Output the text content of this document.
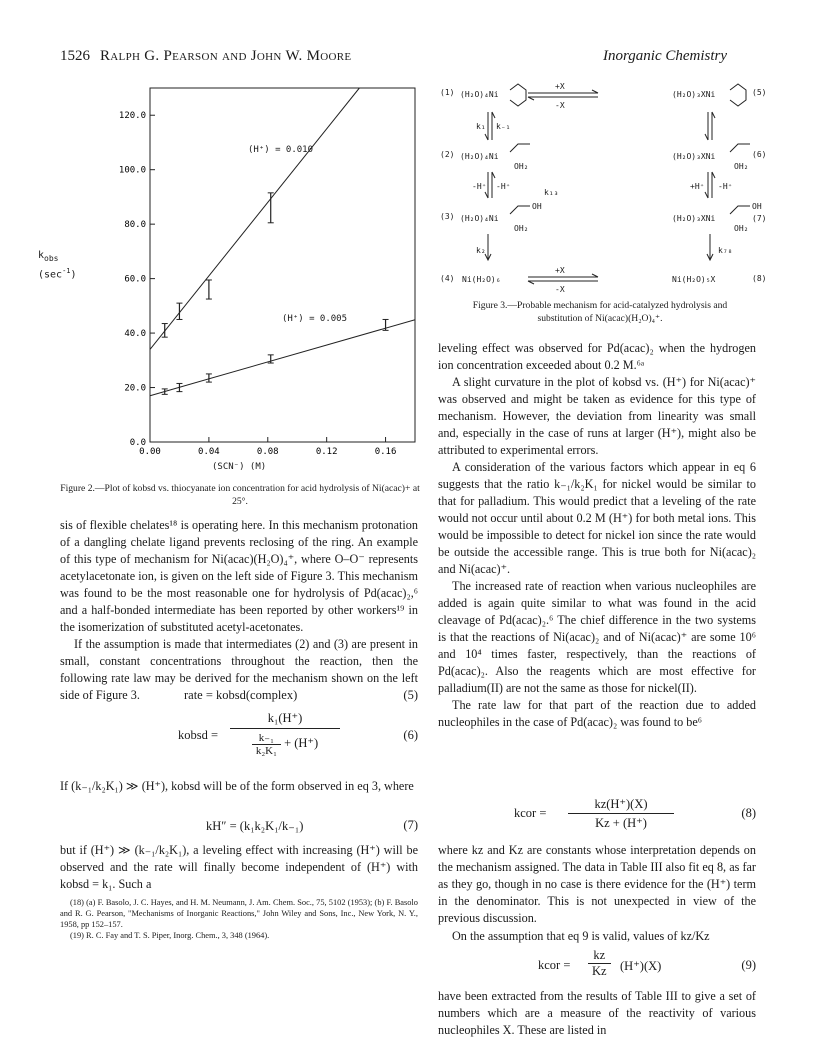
1526 Ralph G. Pearson and John W. Moore	Inorganic Chemistry
0.0
20.0
40.0
60.0
80.0
100.0
120.0
0.00	0.04	0.08	0.12	0.16
$k_{obs}$
$(\sec^{-1})$
(H⁺) = 0.010
(H⁺) = 0.005
(SCN⁻) (M)
Figure 2.—Plot of kobsd vs. thiocyanate ion concentration for acid hydrolysis of Ni(acac)+ at 25°.
(1) (H₂O)₄Ni
+X
-X
(H₂O)₃XNi	(5)
k₁ k₋₁
(2) (H₂O)₄Ni
OH₂
(H₂O)₃XNi
OH₂
(6)
-H⁺ -H⁺
k₁₃
+H⁺ -H⁺
(3) (H₂O)₄Ni
OH
OH₂
(H₂O)₃XNi
OH
OH₂
(7)
k₂	k₇₈
(4) Ni(H₂O)₆
+X
-X
Ni(H₂O)₅X	(8)
Figure 3.—Probable mechanism for acid-catalyzed hydrolysis and
substitution of Ni(acac)(H₂O)₄⁺.

sis of flexible chelates¹⁸ is operating here. In this mechanism protonation of a dangling chelate ligand prevents reclosing of the ring. An example of this type of mechanism for Ni(acac)(H₂O)₄⁺, where O–O⁻ represents acetylacetonate ion, is given on the left side of Figure 3. This mechanism was found to be the most reasonable one for hydrolysis of Pd(acac)₂,⁶ and a half-bonded intermediate has been reported by other workers¹⁹ in the isomerization of substituted acetyl-acetonates.

If the assumption is made that intermediates (2) and (3) are present in small, constant concentrations throughout the reaction, then the following rate law may be derived for the mechanism shown on the left side of Figure 3.	rate = kobsd(complex)	(5)
kobsd = $\frac{\text{k₁(H⁺)}}{\frac{\text{k₋₁}}{\text{k₂K₁}} + (H^+)}$	(6)
If (k₋₁/k₂K₁) ≫ (H⁺), kobsd will be of the form observed in eq 3, where
kH″ = (k₁k₂K₁/k₋₁)	(7)
but if (H⁺) ≫ (k₋₁/k₂K₁), a leveling effect with increasing (H⁺) will be observed and the rate will finally become independent of (H⁺) with kobsd = k₁. Such a
(18) (a) F. Basolo, J. C. Hayes, and H. M. Neumann, J. Am. Chem. Soc., 75, 5102 (1953); (b) F. Basolo and R. G. Pearson, "Mechanisms of Inorganic Reactions," John Wiley and Sons, Inc., New York, N. Y., 1958, pp 152–157.
(19) R. C. Fay and T. S. Piper, Inorg. Chem., 3, 348 (1964).

leveling effect was observed for Pd(acac)₂ when the hydrogen ion concentration exceeded about 0.2 M.⁶ᵃ

A slight curvature in the plot of kobsd vs. (H⁺) for Ni(acac)⁺ was observed and might be taken as evidence for this type of mechanism. However, the deviation from linearity was small and, especially in the case of runs at larger (H⁺), might also be attributed to experimental errors.

A consideration of the various factors which appear in eq 6 suggests that the ratio k₋₁/k₂K₁ for nickel would be similar to that for palladium. This would predict that a leveling of the rate would not occur until about 0.2 M (H⁺) for both metal ions. This would be impossible to detect for nickel ion since the rate would be outside the accessible range. This is true both for Ni(acac)₂ and Ni(acac)⁺.

The increased rate of reaction when various nucleophiles are added is again quite similar to what was found in the acid cleavage of Pd(acac)₂.⁶ The chief difference in the two systems is that the reactions of Ni(acac)₂ and of Ni(acac)⁺ are some 10⁶ and 10⁴ times faster, respectively, than the reactions of Pd(acac)₂. Also the reagents which are most effective for palladium(II) are not the same as those for nickel(II).

The rate law for that part of the reaction due to added nucleophiles in the case of Pd(acac)₂ was found to be⁶

kcor = $\frac{kz(H^+)(X)}{Kz + (H^+)}$	(8)
where kz and Kz are constants whose interpretation depends on the mechanism assigned. The data in Table III also fit eq 8, as far as they go, though in no case is there evidence for the (H⁺) term in the denominator. This is not unexpected in view of the previous discussion.
On the assumption that eq 9 is valid, values of kz/Kz
kcor = $\frac{kz}{Kz} (H^+)(X)$	(9)
have been extracted from the results of Table III to give a set of numbers which are a measure of the reactivity of various nucleophiles X. These are listed in
